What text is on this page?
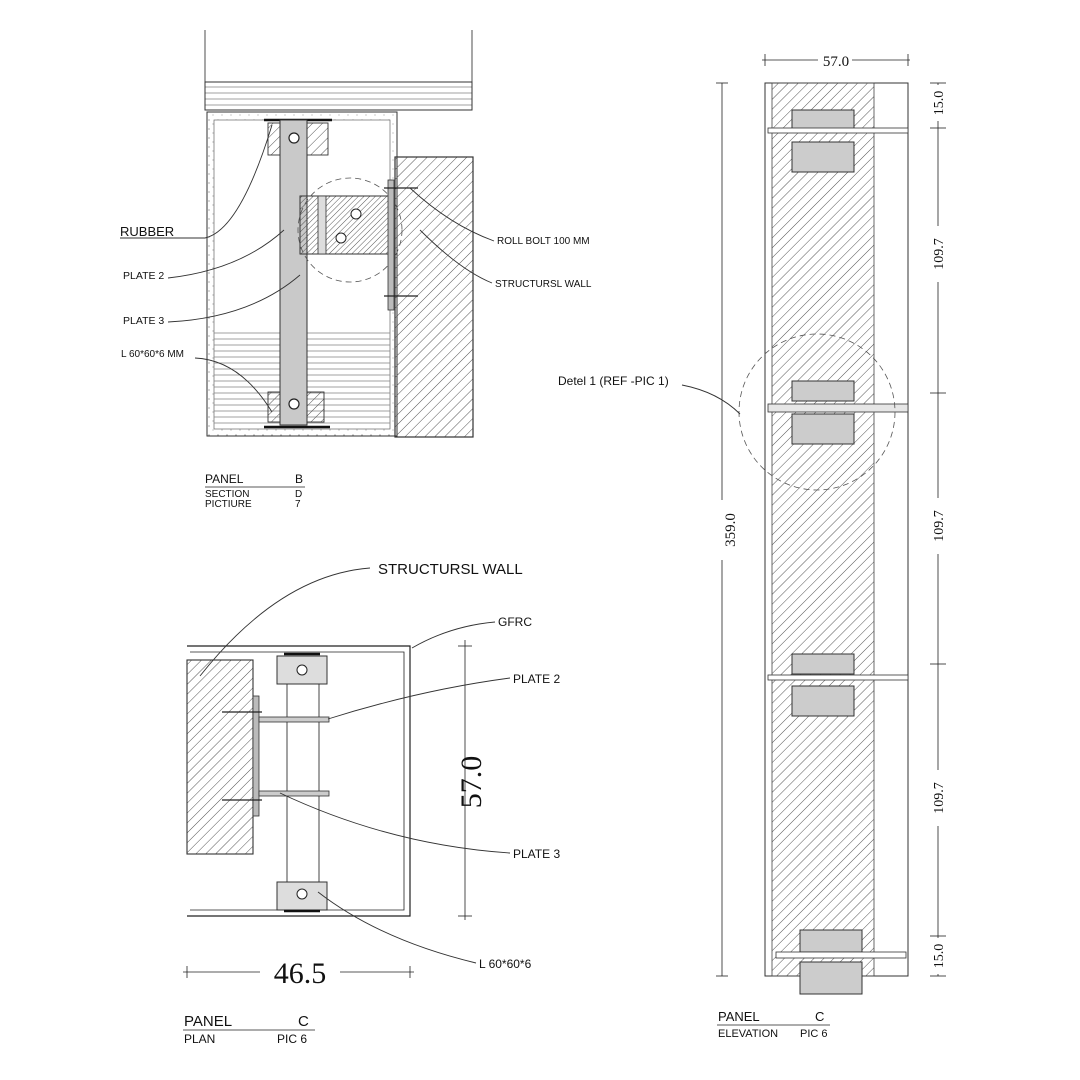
RUBBER
PLATE 2
PLATE 3
L 60*60*6 MM
ROLL BOLT 100 MM
STRUCTURSL WALL
PANEL	B
SECTION	D
PICTIURE	7
57.0
46.5
STRUCTURSL WALL
GFRC
PLATE 2
PLATE 3
L 60*60*6
PANEL	C
PLAN	PIC 6
57.0
359.0
15.0
109.7
109.7
109.7
15.0
Detel 1 (REF -PIC 1)
PANEL	C
ELEVATION PIC 6
